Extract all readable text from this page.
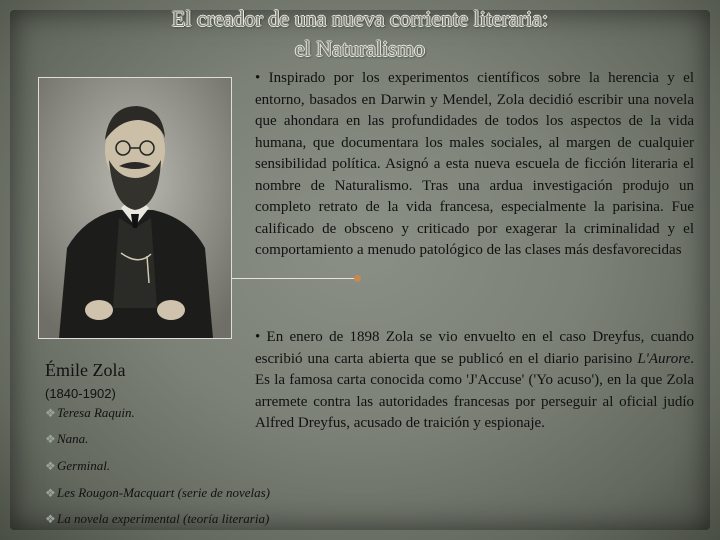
El creador de una nueva corriente literaria:
el Naturalismo
• Inspirado por los experimentos científicos sobre la herencia y el entorno, basados en Darwin y Mendel, Zola decidió escribir una novela que ahondara en las profundidades de todos los aspectos de la vida humana, que documentara los males sociales, al margen de cualquier sensibilidad política. Asignó a esta nueva escuela de ficción literaria el nombre de Naturalismo. Tras una ardua investigación produjo un completo retrato de la vida francesa, especialmente la parisina. Fue calificado de obsceno y criticado por exagerar la criminalidad y el comportamiento a menudo patológico de las clases más desfavorecidas
• En enero de 1898 Zola se vio envuelto en el caso Dreyfus, cuando escribió una carta abierta que se publicó en el diario parisino L'Aurore. Es la famosa carta conocida como 'J'Accuse' ('Yo acuso'), en la que Zola arremete contra las autoridades francesas por perseguir al oficial judío Alfred Dreyfus, acusado de traición y espionaje.
Émile Zola
(1840-1902)
❖Teresa Raquin.
❖Nana.
❖Germinal.
❖Les Rougon-Macquart (serie de novelas)
❖La novela experimental (teoría literaria)
